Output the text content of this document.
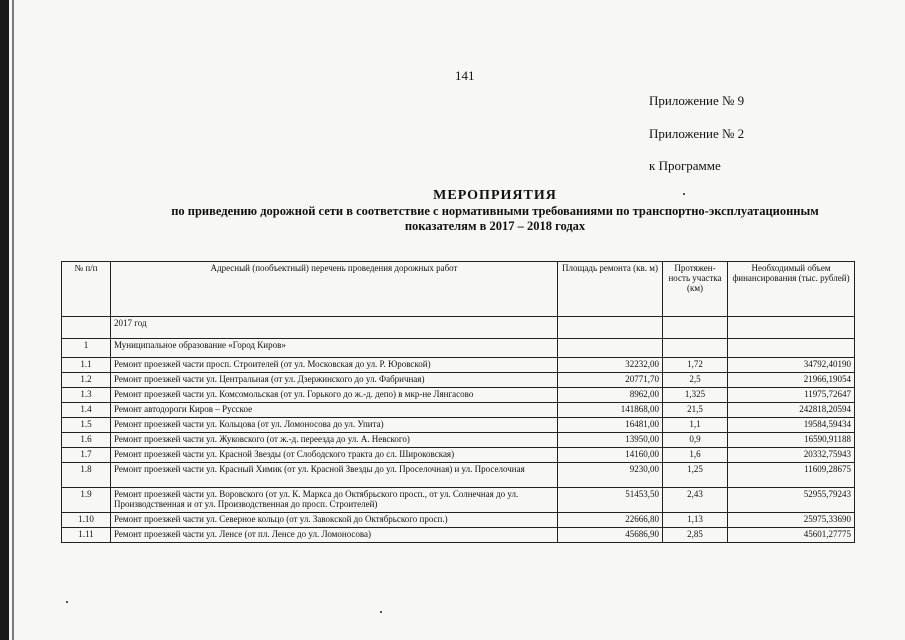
141
Приложение № 9
Приложение № 2
к Программе
МЕРОПРИЯТИЯ
по приведению дорожной сети в соответствие с нормативными требованиями по транспортно-эксплуатационным
показателям в 2017 – 2018 годах
№ п/п	Адресный (пообъектный) перечень проведения дорожных работ	Площадь ремонта (кв. м)	Протяжен-ность участка (км)	Необходимый объем финансирования (тыс. рублей)
	2017 год			
1	Муниципальное образование «Город Киров»			
1.1	Ремонт проезжей части просп. Строителей (от ул. Московская до ул. Р. Юровской)	32232,00	1,72	34792,40190
1.2	Ремонт проезжей части ул. Центральная (от ул. Дзержинского до ул. Фабричная)	20771,70	2,5	21966,19054
1.3	Ремонт проезжей части ул. Комсомольская (от ул. Горького до ж.-д. депо) в мкр-не Лянгасово	8962,00	1,325	11975,72647
1.4	Ремонт автодороги Киров – Русское	141868,00	21,5	242818,20594
1.5	Ремонт проезжей части ул. Кольцова (от ул. Ломоносова до ул. Упита)	16481,00	1,1	19584,59434
1.6	Ремонт проезжей части ул. Жуковского (от ж.-д. переезда до ул. А. Невского)	13950,00	0,9	16590,91188
1.7	Ремонт проезжей части ул. Красной Звезды (от Слободского тракта до сл. Широковская)	14160,00	1,6	20332,75943
1.8	Ремонт проезжей части ул. Красный Химик (от ул. Красной Звезды до ул. Проселочная) и ул. Проселочная	9230,00	1,25	11609,28675
1.9	Ремонт проезжей части ул. Воровского (от ул. К. Маркса до Октябрьского просп., от ул. Солнечная до ул. Производственная и от ул. Производственная до просп. Строителей)	51453,50	2,43	52955,79243
1.10	Ремонт проезжей части ул. Северное кольцо (от ул. Завокской до Октябрьского просп.)	22666,80	1,13	25975,33690
1.11	Ремонт проезжей части ул. Ленсе (от пл. Ленсе до ул. Ломоносова)	45686,90	2,85	45601,27775
